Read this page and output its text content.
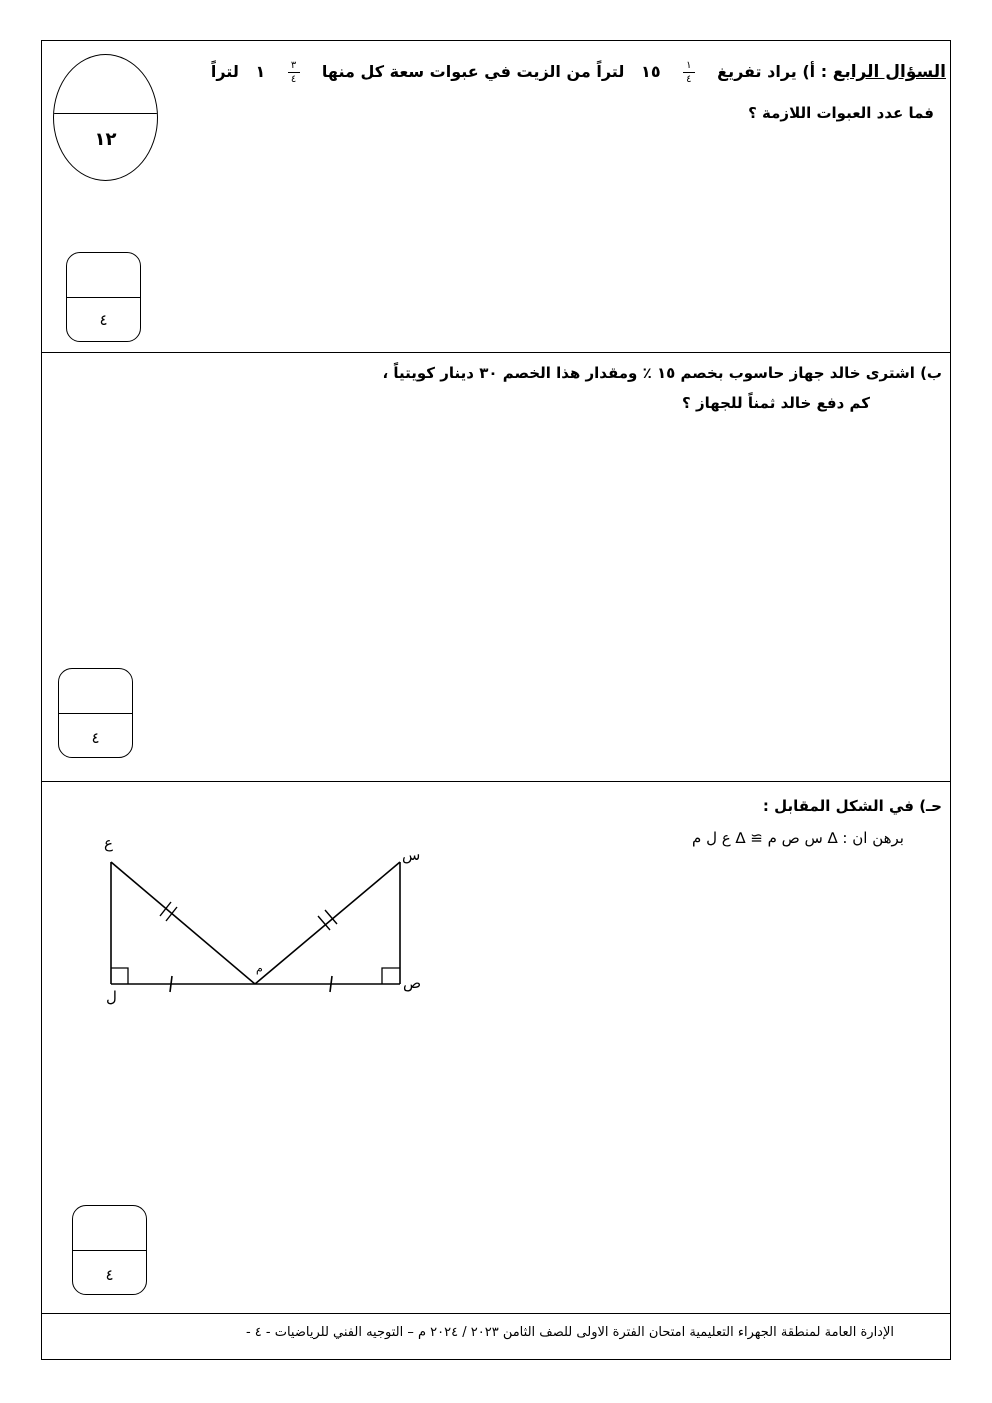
١٢
السؤال الرابع : أ) يراد تفريغ
$\frac{١}{٤}$
١٥   لتراً من الزيت في عبوات سعة كل منها
$\frac{٣}{٤}$
١   لتراً
فما عدد العبوات اللازمة ؟
٤
ب) اشترى خالد جهاز حاسوب بخصم ١٥ ٪ ومقدار هذا الخصم ٣٠ دينار كويتياً ،
كم دفع خالد ثمناً للجهاز ؟
٤
حـ) في الشكل المقابل :
برهن ان : ∆ س ص م ≅ ∆ ع ل م
ع
ل
م
س
ص
٤
الإدارة العامة لمنطقة الجهراء التعليمية امتحان الفترة الاولى للصف الثامن ٢٠٢٣ / ٢٠٢٤ م – التوجيه الفني للرياضيات - ٤ -
